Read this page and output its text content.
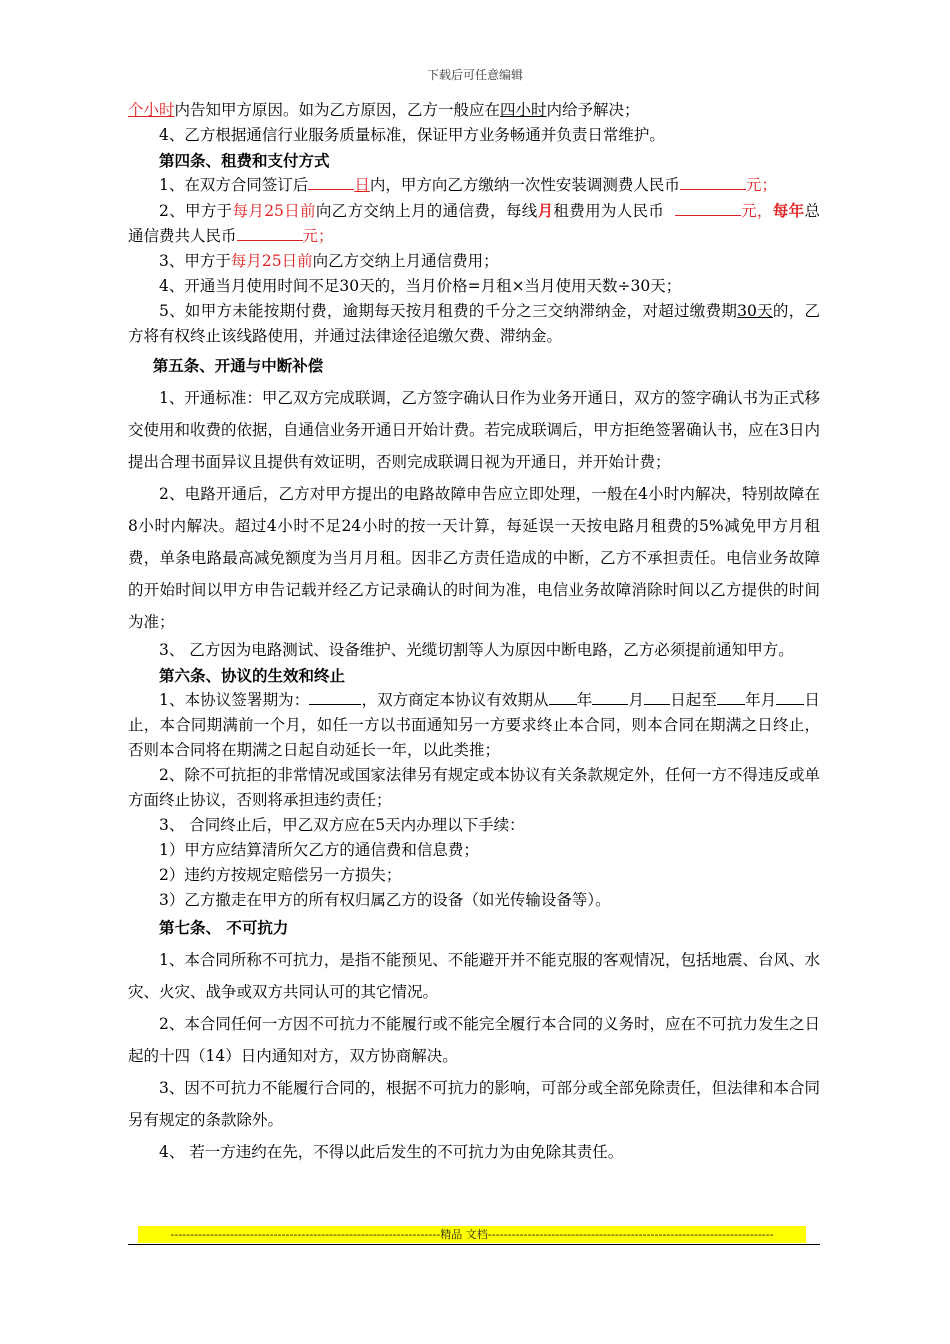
下载后可任意编辑

个小时内告知甲方原因。如为乙方原因，乙方一般应在四小时内给予解决；

4、乙方根据通信行业服务质量标准，保证甲方业务畅通并负责日常维护。

第四条、租费和支付方式

1、在双方合同签订后	日内，甲方向乙方缴纳一次性安装调测费人民币	元；

2、甲方于每月25日前向乙方交纳上月的通信费，每线月租费用为人民币	元，每年总通信费共人民币	元；

3、甲方于每月25日前向乙方交纳上月通信费用；

4、开通当月使用时间不足30天的，当月价格=月租×当月使用天数÷30天；

5、如甲方未能按期付费，逾期每天按月租费的千分之三交纳滞纳金，对超过缴费期30天的，乙方将有权终止该线路使用，并通过法律途径追缴欠费、滞纳金。

第五条、开通与中断补偿

1、开通标准：甲乙双方完成联调，乙方签字确认日作为业务开通日，双方的签字确认书为正式移交使用和收费的依据，自通信业务开通日开始计费。若完成联调后，甲方拒绝签署确认书，应在3日内提出合理书面异议且提供有效证明，否则完成联调日视为开通日，并开始计费；

2、电路开通后，乙方对甲方提出的电路故障申告应立即处理，一般在4小时内解决，特别故障在8小时内解决。超过4小时不足24小时的按一天计算，每延误一天按电路月租费的5%减免甲方月租费，单条电路最高减免额度为当月月租。因非乙方责任造成的中断，乙方不承担责任。电信业务故障的开始时间以甲方申告记载并经乙方记录确认的时间为准，电信业务故障消除时间以乙方提供的时间为准；

3、 乙方因为电路测试、设备维护、光缆切割等人为原因中断电路，乙方必须提前通知甲方。

第六条、协议的生效和终止

1、本协议签署期为：	，双方商定本协议有效期从 年 月 日起至 年月 日止，本合同期满前一个月，如任一方以书面通知另一方要求终止本合同，则本合同在期满之日终止，否则本合同将在期满之日起自动延长一年，以此类推；

2、除不可抗拒的非常情况或国家法律另有规定或本协议有关条款规定外，任何一方不得违反或单方面终止协议，否则将承担违约责任；

3、 合同终止后，甲乙双方应在5天内办理以下手续：

1）甲方应结算清所欠乙方的通信费和信息费；

2）违约方按规定赔偿另一方损失；

3）乙方撤走在甲方的所有权归属乙方的设备（如光传输设备等）。

第七条、 不可抗力

1、本合同所称不可抗力，是指不能预见、不能避开并不能克服的客观情况，包括地震、台风、水灾、火灾、战争或双方共同认可的其它情况。

2、本合同任何一方因不可抗力不能履行或不能完全履行本合同的义务时，应在不可抗力发生之日起的十四（14）日内通知对方，双方协商解决。

3、因不可抗力不能履行合同的，根据不可抗力的影响，可部分或全部免除责任，但法律和本合同另有规定的条款除外。

4、 若一方违约在先，不得以此后发生的不可抗力为由免除其责任。

--------------------------------------------------------------------精品 文档------------------------------------------------------------------------
